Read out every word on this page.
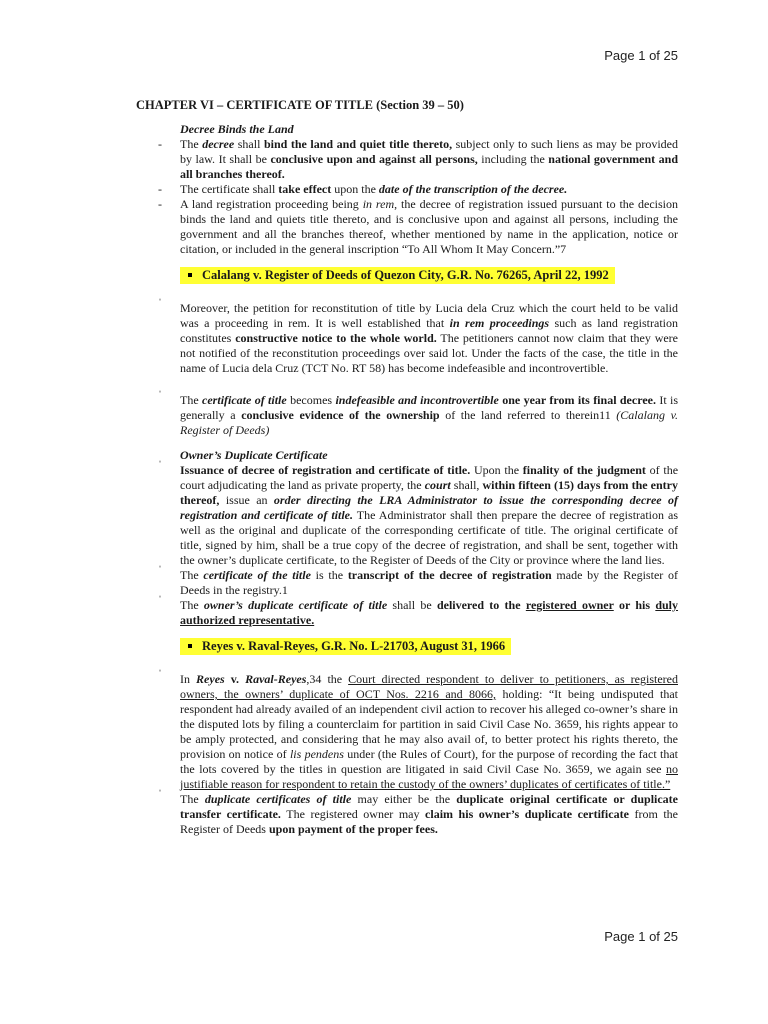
Page 1 of 25
CHAPTER VI – CERTIFICATE OF TITLE (Section 39 – 50)

Decree Binds the Land

- The decree shall bind the land and quiet title thereto, subject only to such liens as may be provided by law. It shall be conclusive upon and against all persons, including the national government and all branches thereof.

- The certificate shall take effect upon the date of the transcription of the decree.

- A land registration proceeding being in rem, the decree of registration issued pursuant to the decision binds the land and quiets title thereto, and is conclusive upon and against all persons, including the government and all the branches thereof, whether mentioned by name in the application, notice or citation, or included in the general inscription “To All Whom It May Concern.”7

Calalang v. Register of Deeds of Quezon City, G.R. No. 76265, April 22, 1992

ˈ Moreover, the petition for reconstitution of title by Lucia dela Cruz which the court held to be valid was a proceeding in rem. It is well established that in rem proceedings such as land registration constitutes constructive notice to the whole world. The petitioners cannot now claim that they were not notified of the reconstitution proceedings over said lot. Under the facts of the case, the title in the name of Lucia dela Cruz (TCT No. RT 58) has become indefeasible and incontrovertible.

ˈ The certificate of title becomes indefeasible and incontrovertible one year from its final decree. It is generally a conclusive evidence of the ownership of the land referred to therein11 (Calalang v. Register of Deeds)

Owner’s Duplicate Certificate

ˈ Issuance of decree of registration and certificate of title. Upon the finality of the judgment of the court adjudicating the land as private property, the court shall, within fifteen (15) days from the entry thereof, issue an order directing the LRA Administrator to issue the corresponding decree of registration and certificate of title. The Administrator shall then prepare the decree of registration as well as the original and duplicate of the corresponding certificate of title. The original certificate of title, signed by him, shall be a true copy of the decree of registration, and shall be sent, together with the owner’s duplicate certificate, to the Register of Deeds of the City or province where the land lies.

ˈ The certificate of the title is the transcript of the decree of registration made by the Register of Deeds in the registry.1

ˈ The owner’s duplicate certificate of title shall be delivered to the registered owner or his duly authorized representative.

Reyes v. Raval-Reyes, G.R. No. L-21703, August 31, 1966

ˈ In Reyes v. Raval-Reyes,34 the Court directed respondent to deliver to petitioners, as registered owners, the owners’ duplicate of OCT Nos. 2216 and 8066, holding: “It being undisputed that respondent had already availed of an independent civil action to recover his alleged co-owner’s share in the disputed lots by filing a counterclaim for partition in said Civil Case No. 3659, his rights appear to be amply protected, and considering that he may also avail of, to better protect his rights thereto, the provision on notice of lis pendens under (the Rules of Court), for the purpose of recording the fact that the lots covered by the titles in question are litigated in said Civil Case No. 3659, we again see no justifiable reason for respondent to retain the custody of the owners’ duplicates of certificates of title.”

ˈ The duplicate certificates of title may either be the duplicate original certificate or duplicate transfer certificate. The registered owner may claim his owner’s duplicate certificate from the Register of Deeds upon payment of the proper fees.

Page 1 of 25
